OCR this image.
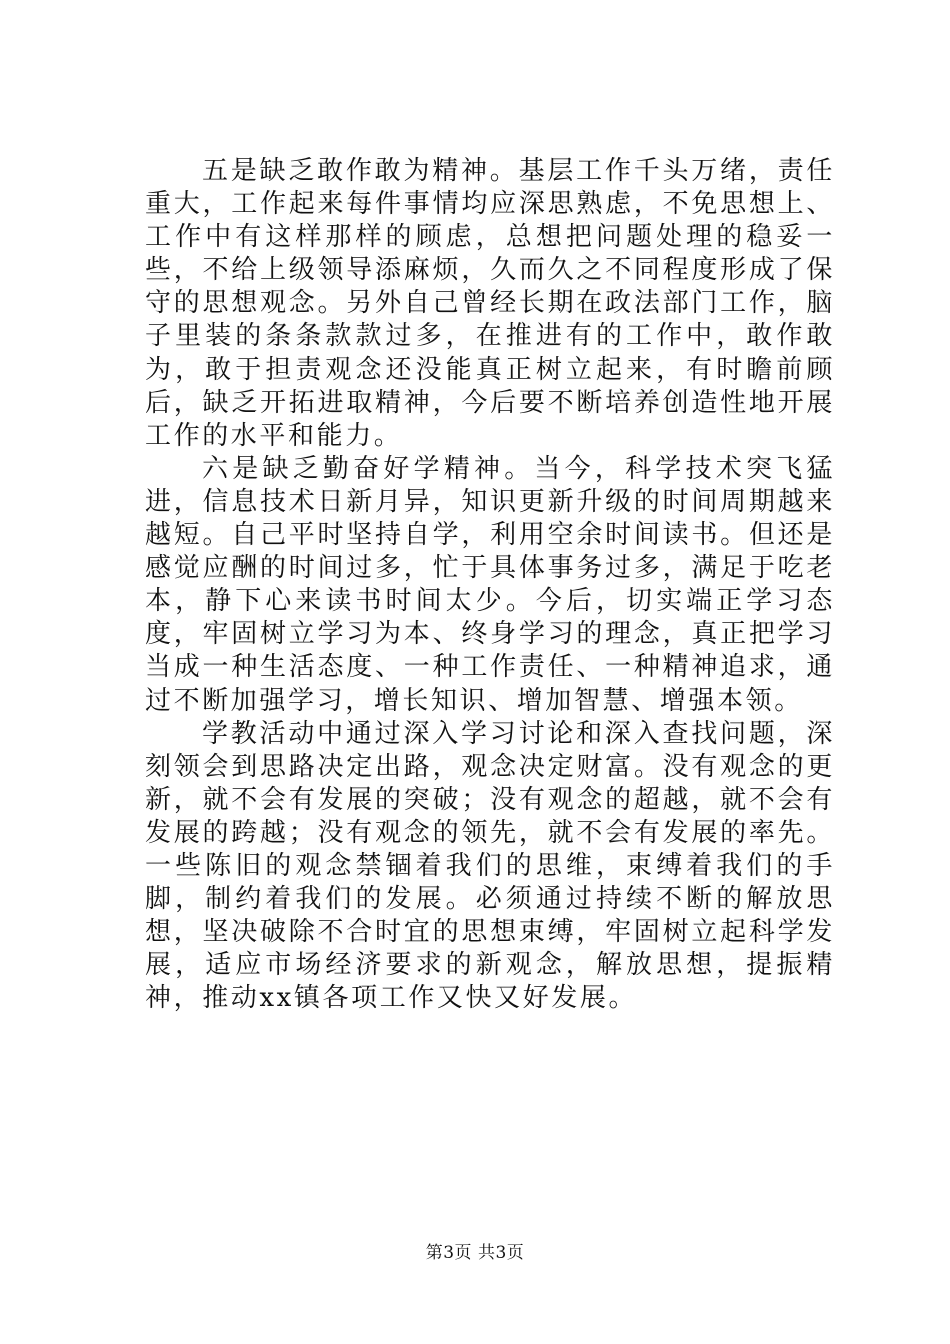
五是缺乏敢作敢为精神。基层工作千头万绪，责任重大，工作起来每件事情均应深思熟虑，不免思想上、工作中有这样那样的顾虑，总想把问题处理的稳妥一些，不给上级领导添麻烦，久而久之不同程度形成了保守的思想观念。另外自己曾经长期在政法部门工作，脑子里装的条条款款过多，在推进有的工作中，敢作敢为，敢于担责观念还没能真正树立起来，有时瞻前顾后，缺乏开拓进取精神，今后要不断培养创造性地开展工作的水平和能力。

六是缺乏勤奋好学精神。当今，科学技术突飞猛进，信息技术日新月异，知识更新升级的时间周期越来越短。自己平时坚持自学，利用空余时间读书。但还是感觉应酬的时间过多，忙于具体事务过多，满足于吃老本，静下心来读书时间太少。今后，切实端正学习态度，牢固树立学习为本、终身学习的理念，真正把学习当成一种生活态度、一种工作责任、一种精神追求，通过不断加强学习，增长知识、增加智慧、增强本领。

学教活动中通过深入学习讨论和深入查找问题，深刻领会到思路决定出路，观念决定财富。没有观念的更新，就不会有发展的突破；没有观念的超越，就不会有发展的跨越；没有观念的领先，就不会有发展的率先。一些陈旧的观念禁锢着我们的思维，束缚着我们的手脚，制约着我们的发展。必须通过持续不断的解放思想，坚决破除不合时宜的思想束缚，牢固树立起科学发展，适应市场经济要求的新观念，解放思想，提振精神，推动xx镇各项工作又快又好发展。

第3页 共3页
